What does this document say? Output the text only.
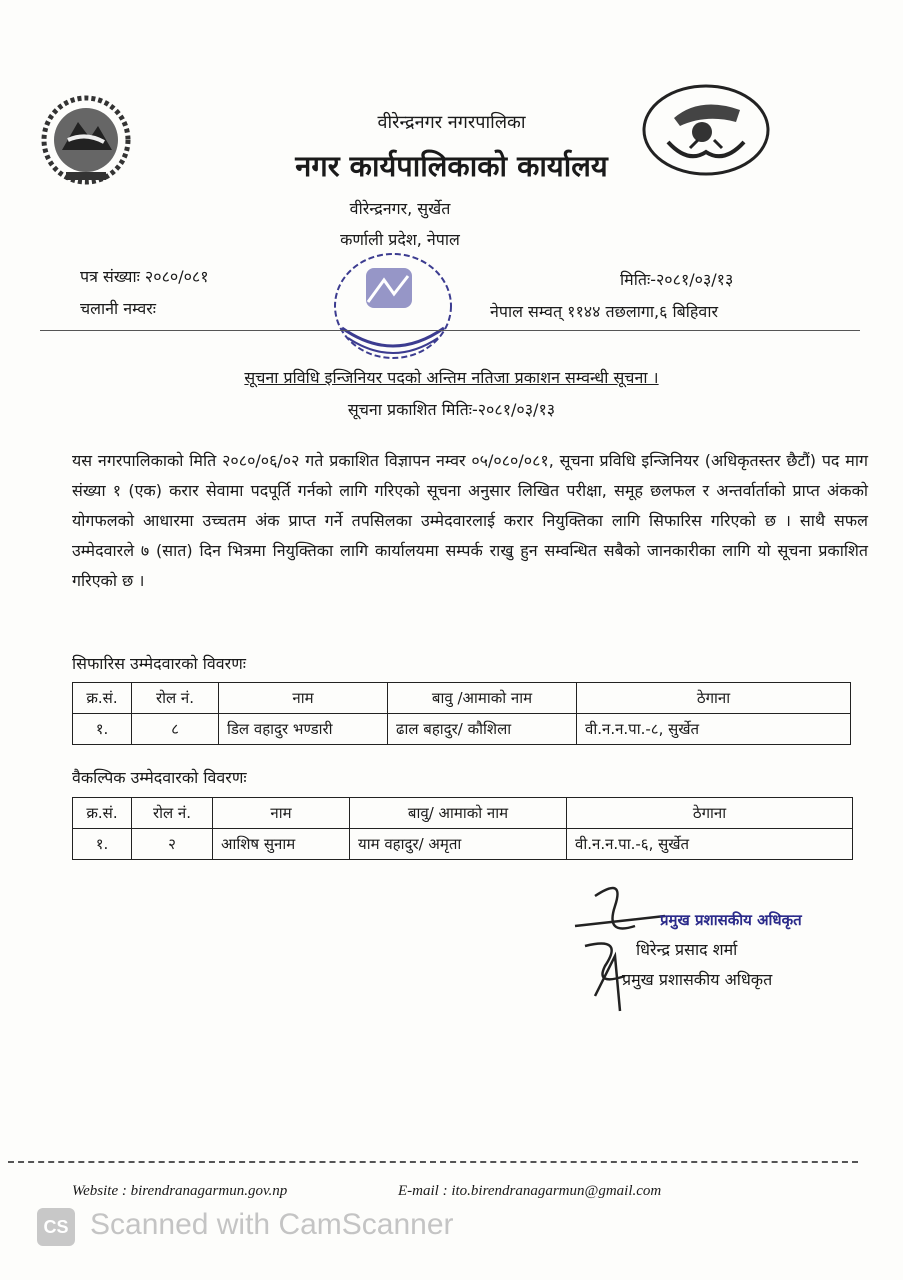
वीरेन्द्रनगर नगरपालिका
नगर कार्यपालिकाको कार्यालय
वीरेन्द्रनगर, सुर्खेत
कर्णाली प्रदेश, नेपाल
पत्र संख्याः २०८०/०८१
चलानी नम्वरः
मितिः-२०८१/०३/१३
नेपाल सम्वत् ११४४ तछलागा,६ बिहिवार
सूचना प्रविधि इन्जिनियर पदको अन्तिम नतिजा प्रकाशन सम्वन्धी सूचना ।
सूचना प्रकाशित मितिः-२०८१/०३/१३
यस नगरपालिकाको मिति २०८०/०६/०२ गते प्रकाशित विज्ञापन नम्वर ०५/०८०/०८१, सूचना प्रविधि इन्जिनियर (अधिकृतस्तर छैटौं) पद माग संख्या १ (एक) करार सेवामा पदपूर्ति गर्नको लागि गरिएको सूचना अनुसार लिखित परीक्षा, समूह छलफल र अन्तर्वार्ताको प्राप्त अंकको योगफलको आधारमा उच्चतम अंक प्राप्त गर्ने तपसिलका उम्मेदवारलाई करार नियुक्तिका लागि सिफारिस गरिएको छ । साथै सफल उम्मेदवारले ७ (सात) दिन भित्रमा नियुक्तिका लागि कार्यालयमा सम्पर्क राखु हुन सम्वन्धित सबैको जानकारीका लागि यो सूचना प्रकाशित गरिएको छ ।
सिफारिस उम्मेदवारको विवरणः
क्र.सं.	रोल नं.	नाम	बावु /आमाको नाम	ठेगाना
१.	८	डिल वहादुर भण्डारी	ढाल बहादुर/ कौशिला	वी.न.न.पा.-८, सुर्खेत
वैकल्पिक उम्मेदवारको विवरणः
क्र.सं.	रोल नं.	नाम	बावु/ आमाको नाम	ठेगाना
१.	२	आशिष सुनाम	याम वहादुर/ अमृता	वी.न.न.पा.-६, सुर्खेत
प्रमुख प्रशासकीय अधिकृत
धिरेन्द्र प्रसाद शर्मा
प्रमुख प्रशासकीय अधिकृत
Website : birendranagarmun.gov.np	E-mail : ito.birendranagarmun@gmail.com
CS Scanned with CamScanner
